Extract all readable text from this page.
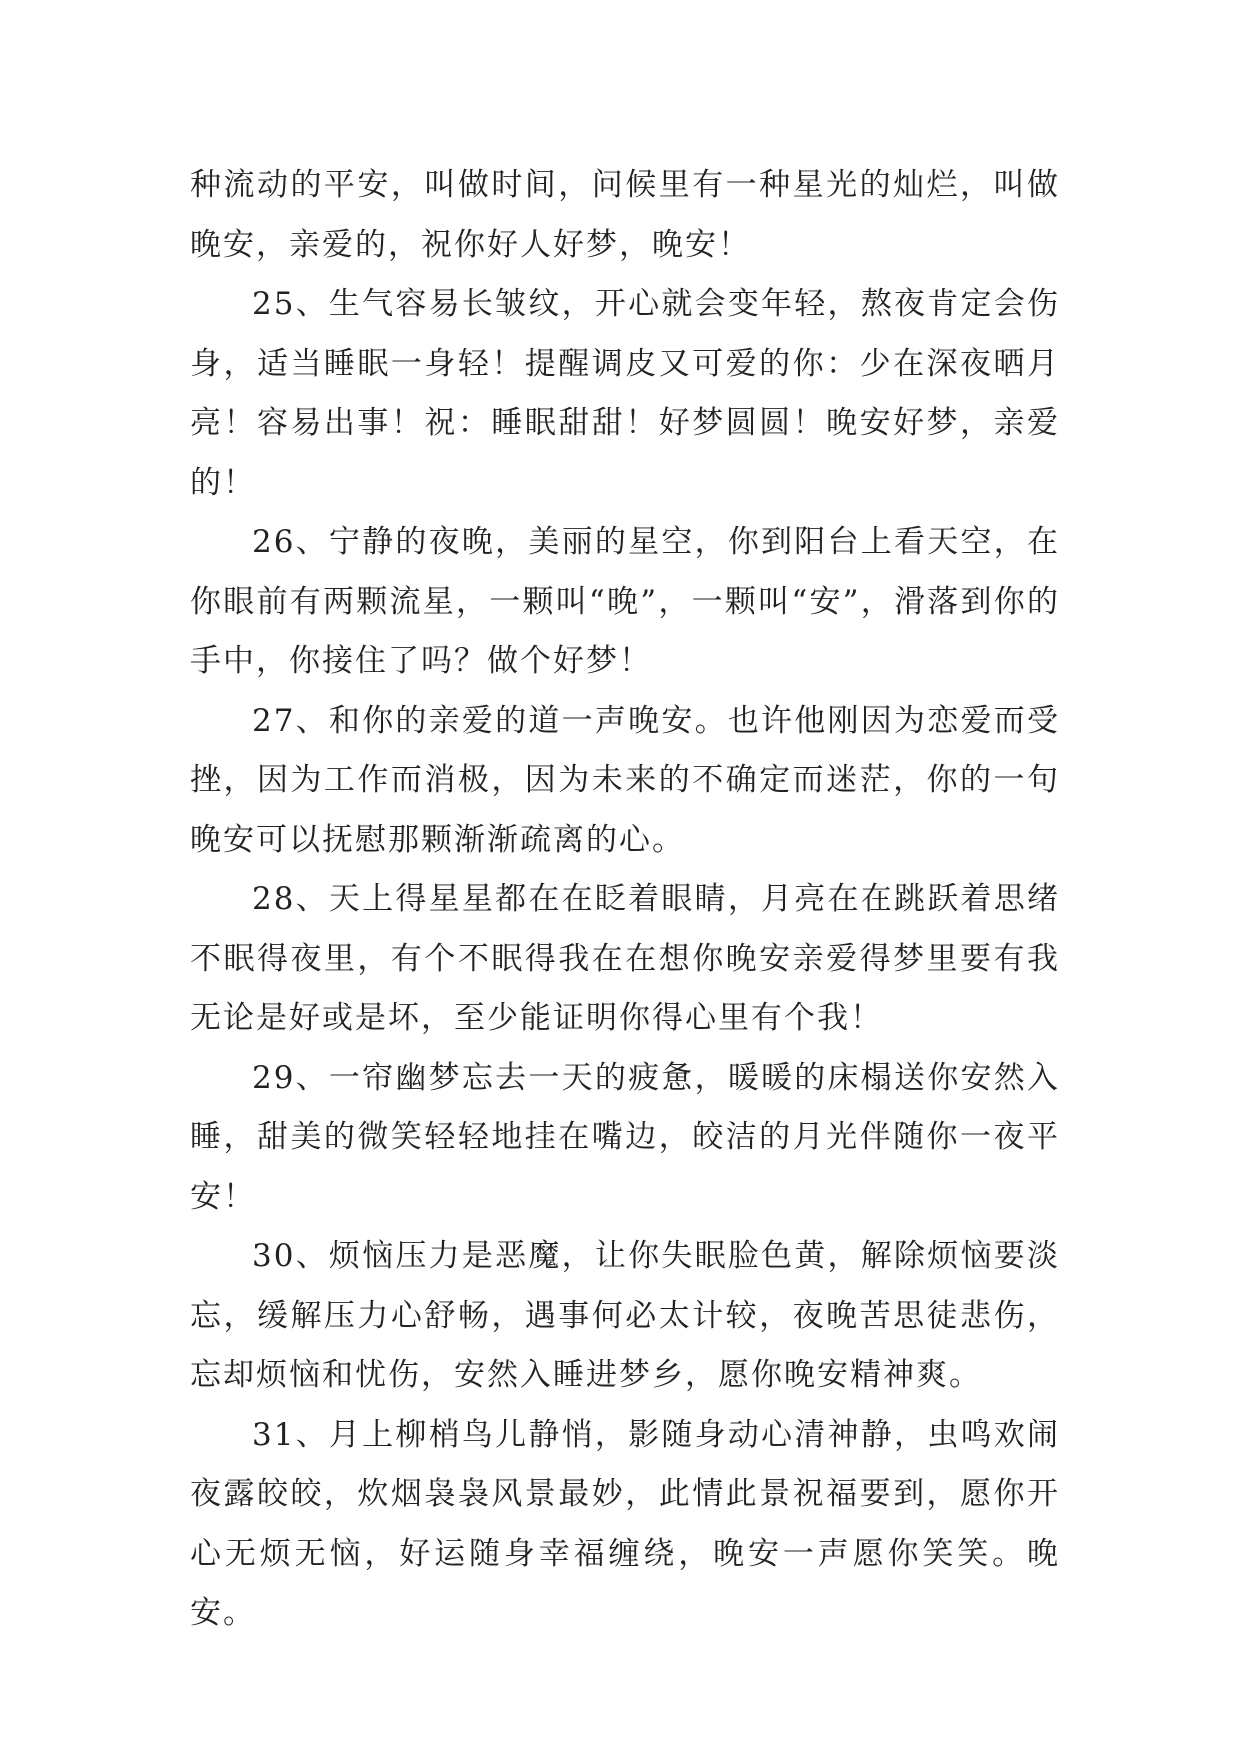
种流动的平安，叫做时间，问候里有一种星光的灿烂，叫做晚安，亲爱的，祝你好人好梦，晚安！

25、生气容易长皱纹，开心就会变年轻，熬夜肯定会伤身，适当睡眠一身轻！提醒调皮又可爱的你：少在深夜晒月亮！容易出事！祝：睡眠甜甜！好梦圆圆！晚安好梦，亲爱的！

26、宁静的夜晚，美丽的星空，你到阳台上看天空，在你眼前有两颗流星，一颗叫“晚”，一颗叫“安”，滑落到你的手中，你接住了吗？做个好梦！

27、和你的亲爱的道一声晚安。也许他刚因为恋爱而受挫，因为工作而消极，因为未来的不确定而迷茫，你的一句晚安可以抚慰那颗渐渐疏离的心。

28、天上得星星都在在眨着眼睛，月亮在在跳跃着思绪不眠得夜里，有个不眠得我在在想你晚安亲爱得梦里要有我无论是好或是坏，至少能证明你得心里有个我！

29、一帘幽梦忘去一天的疲惫，暖暖的床榻送你安然入睡，甜美的微笑轻轻地挂在嘴边，皎洁的月光伴随你一夜平安！

30、烦恼压力是恶魔，让你失眠脸色黄，解除烦恼要淡忘，缓解压力心舒畅，遇事何必太计较，夜晚苦思徒悲伤，忘却烦恼和忧伤，安然入睡进梦乡，愿你晚安精神爽。

31、月上柳梢鸟儿静悄，影随身动心清神静，虫鸣欢闹夜露皎皎，炊烟袅袅风景最妙，此情此景祝福要到，愿你开心无烦无恼，好运随身幸福缠绕，晚安一声愿你笑笑。晚安。
